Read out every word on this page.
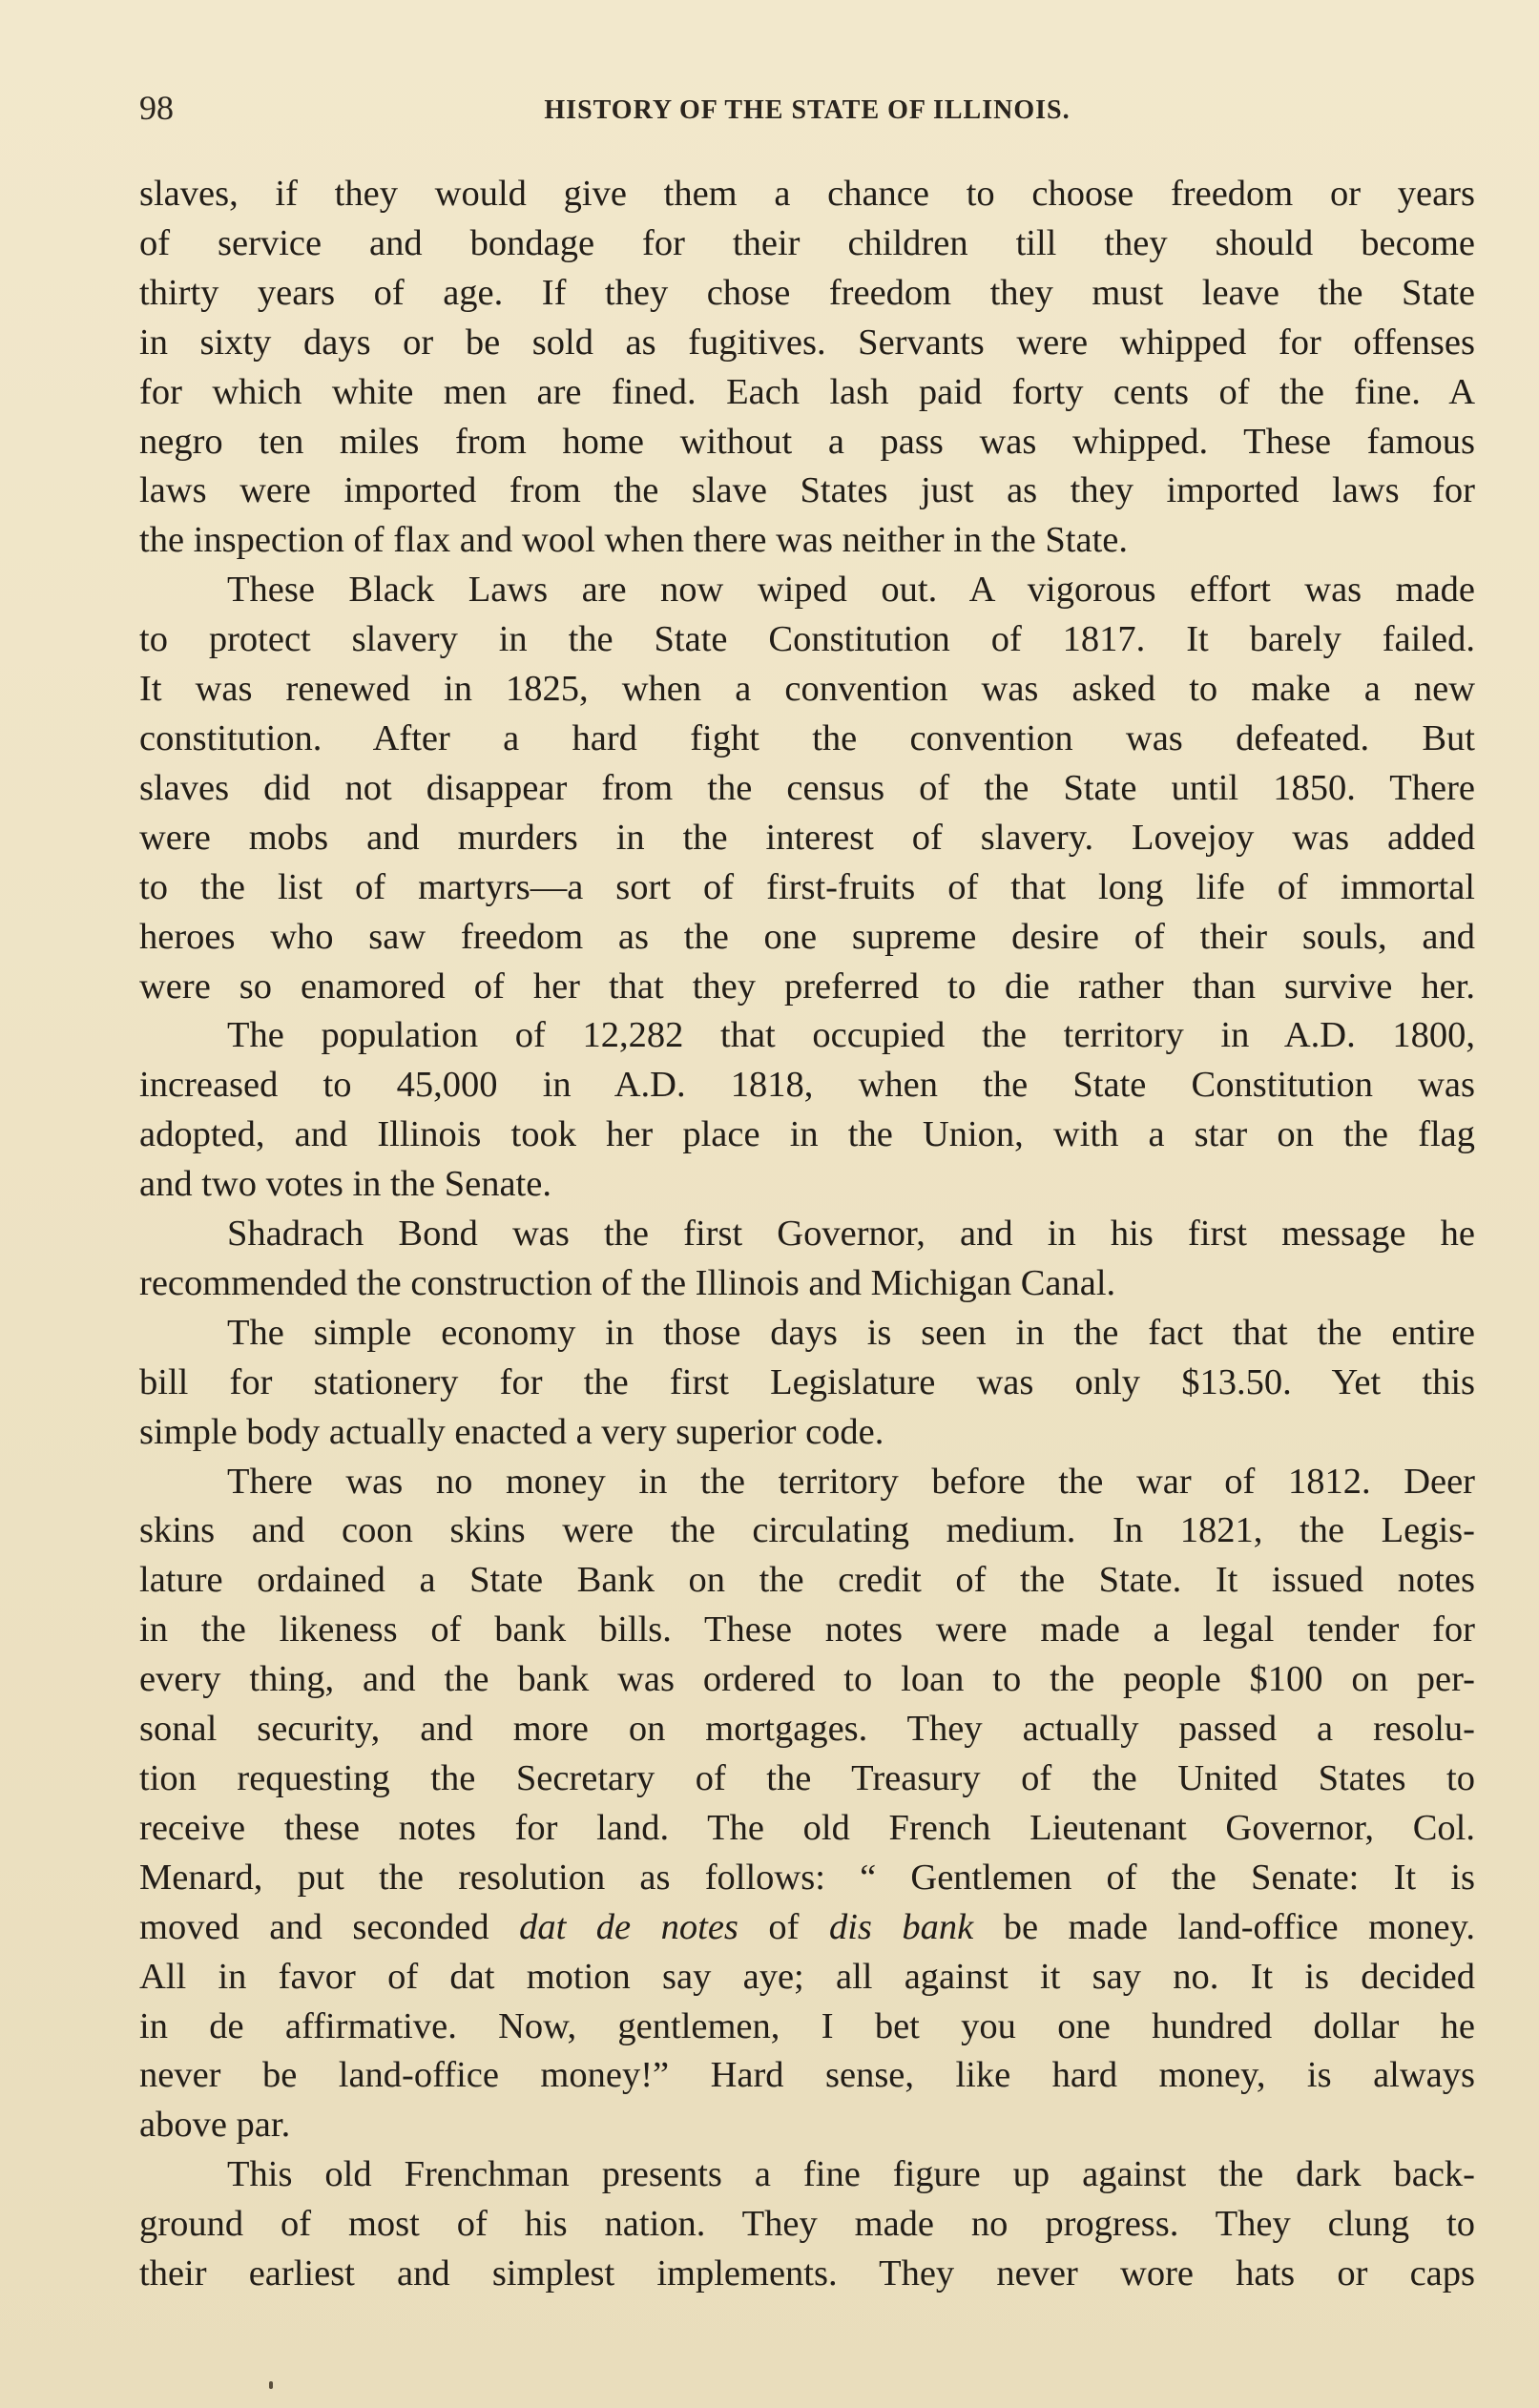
98	HISTORY OF THE STATE OF ILLINOIS.

slaves, if they would give them a chance to choose freedom or years

of service and bondage for their children till they should become

thirty years of age. If they chose freedom they must leave the State

in sixty days or be sold as fugitives. Servants were whipped for offenses

for which white men are fined. Each lash paid forty cents of the fine. A

negro ten miles from home without a pass was whipped. These famous

laws were imported from the slave States just as they imported laws for

the inspection of flax and wool when there was neither in the State.

These Black Laws are now wiped out. A vigorous effort was made

to protect slavery in the State Constitution of 1817. It barely failed.

It was renewed in 1825, when a convention was asked to make a new

constitution. After a hard fight the convention was defeated. But

slaves did not disappear from the census of the State until 1850. There

were mobs and murders in the interest of slavery. Lovejoy was added

to the list of martyrs—a sort of first-fruits of that long life of immortal

heroes who saw freedom as the one supreme desire of their souls, and

were so enamored of her that they preferred to die rather than survive her.

The population of 12,282 that occupied the territory in A.D. 1800,

increased to 45,000 in A.D. 1818, when the State Constitution was

adopted, and Illinois took her place in the Union, with a star on the flag

and two votes in the Senate.

Shadrach Bond was the first Governor, and in his first message he

recommended the construction of the Illinois and Michigan Canal.

The simple economy in those days is seen in the fact that the entire

bill for stationery for the first Legislature was only $13.50. Yet this

simple body actually enacted a very superior code.

There was no money in the territory before the war of 1812. Deer

skins and coon skins were the circulating medium. In 1821, the Legis-

lature ordained a State Bank on the credit of the State. It issued notes

in the likeness of bank bills. These notes were made a legal tender for

every thing, and the bank was ordered to loan to the people $100 on per-

sonal security, and more on mortgages. They actually passed a resolu-

tion requesting the Secretary of the Treasury of the United States to

receive these notes for land. The old French Lieutenant Governor, Col.

Menard, put the resolution as follows: “ Gentlemen of the Senate: It is

moved and seconded dat de notes of dis bank be made land-office money.

All in favor of dat motion say aye; all against it say no. It is decided

in de affirmative. Now, gentlemen, I bet you one hundred dollar he

never be land-office money!” Hard sense, like hard money, is always

above par.

This old Frenchman presents a fine figure up against the dark back-

ground of most of his nation. They made no progress. They clung to

their earliest and simplest implements. They never wore hats or caps
